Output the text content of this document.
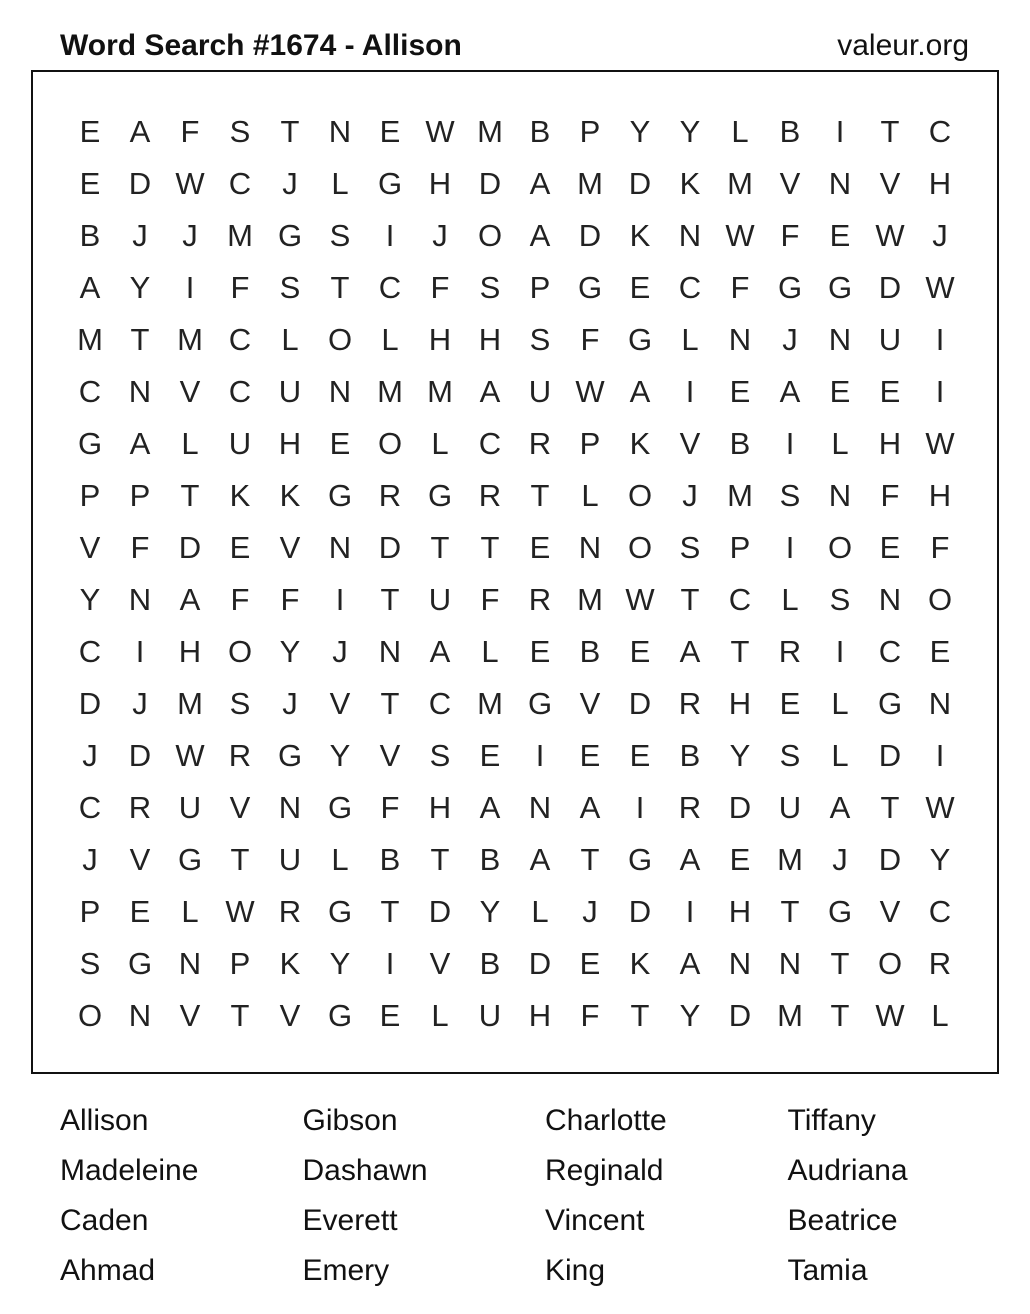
Word Search #1674 - Allison	valeur.org
E A F S T N E W M B P Y Y	L	B	I	T C
E D W C	J	L G H D A M D K M V N V H
B	J	J M G S	I	J O A D K N W F E W J
A Y	I	F S T C F S P G E C F G G D W
M T M C L O L H H S F G L N	J	N U	I
C N V C U N M M A U W A	I	E A E E	I
G A	L U H E O L C R P K V B	I	L H W
P P T K K G R G R T	L O J M S N F H
V F D E V N D T	T E N O S P	I	O E F
Y N A F	F	I	T U F R M W T C L	S N O
C	I	H O Y	J	N A	L	E B E A T R	I	C E
D	J M S	J	V T C M G V D R H E	L G N
J	D W R G Y V S E	I	E E B Y S	L D	I
C R U V N G F H A N A	I	R D U A T W
J	V G T U L	B T B A T G A E M J	D Y
P E	L W R G T D Y	L	J	D	I	H T G V C
S G N P K Y	I	V B D E K A N N T O R
O N V T V G E	L U H F	T Y D M T W L
Allison	Gibson	Charlotte	Tiffany
Madeleine	Dashawn	Reginald	Audriana
Caden	Everett	Vincent	Beatrice
Ahmad	Emery	King	Tamia
